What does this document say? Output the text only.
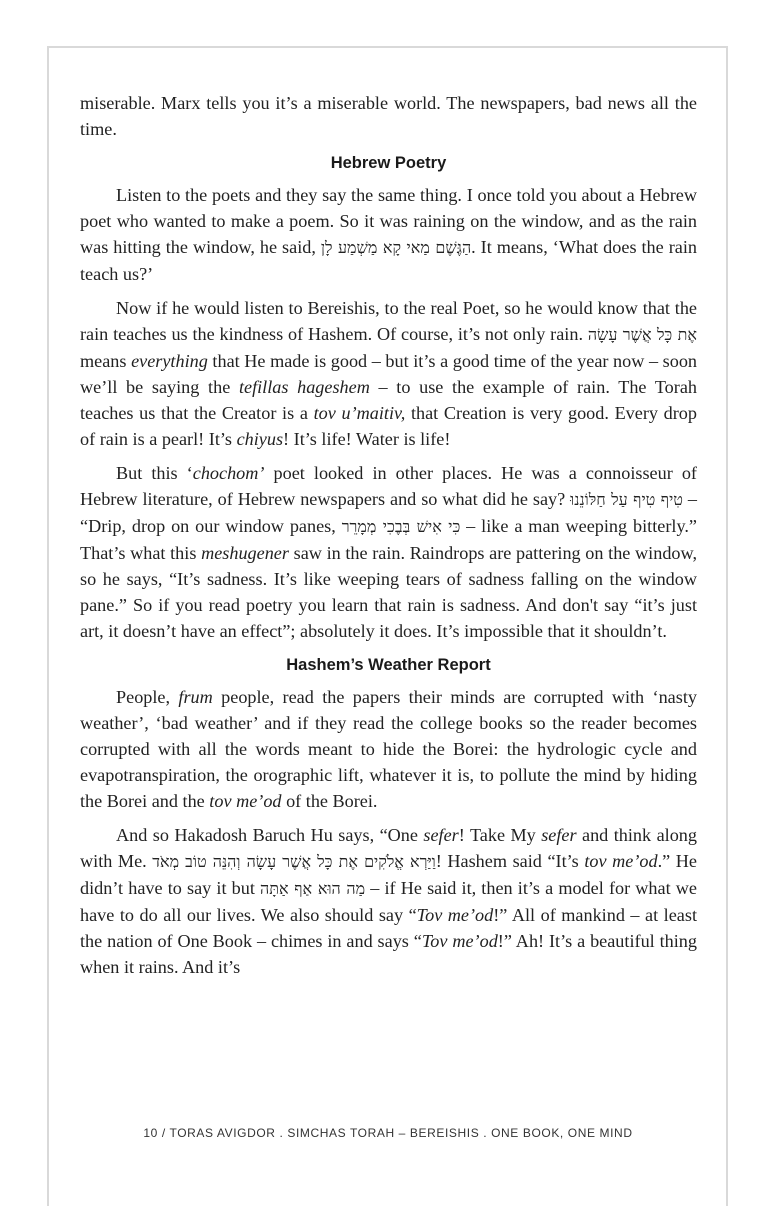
miserable. Marx tells you it’s a miserable world. The newspapers, bad news all the time.

Hebrew Poetry

Listen to the poets and they say the same thing. I once told you about a Hebrew poet who wanted to make a poem. So it was raining on the window, and as the rain was hitting the window, he said, הַגֶּשֶׁם מַאי קָא מַשְׁמַע לָן. It means, ‘What does the rain teach us?’

Now if he would listen to Bereishis, to the real Poet, so he would know that the rain teaches us the kindness of Hashem. Of course, it’s not only rain. אֶת כָּל אֲשֶׁר עָשָׂה means everything that He made is good – but it’s a good time of the year now – soon we’ll be saying the tefillas hageshem – to use the example of rain. The Torah teaches us that the Creator is a tov u’maitiv, that Creation is very good. Every drop of rain is a pearl! It’s chiyus! It’s life! Water is life!

But this ‘chochom’ poet looked in other places. He was a connoisseur of Hebrew literature, of Hebrew newspapers and so what did he say? טִיף טִיף עַל חַלּוֹנֵנוּ – “Drip, drop on our window panes, כִּי אִישׁ בְּבֶכִי מְמָרֵר – like a man weeping bitterly.” That’s what this meshugener saw in the rain. Raindrops are pattering on the window, so he says, “It’s sadness. It’s like weeping tears of sadness falling on the window pane.” So if you read poetry you learn that rain is sadness. And don't say “it’s just art, it doesn’t have an effect”; absolutely it does. It’s impossible that it shouldn’t.

Hashem’s Weather Report

People, frum people, read the papers their minds are corrupted with ‘nasty weather’, ‘bad weather’ and if they read the college books so the reader becomes corrupted with all the words meant to hide the Borei: the hydrologic cycle and evapotranspiration, the orographic lift, whatever it is, to pollute the mind by hiding the Borei and the tov me’od of the Borei.

And so Hakadosh Baruch Hu says, “One sefer! Take My sefer and think along with Me. וַיַּרְא אֱלֹקִים אֶת כָּל אֲשֶׁר עָשָׂה וְהִנֵּה טוֹב מְאֹד! Hashem said “It’s tov me’od.” He didn’t have to say it but מַה הוּא אַף אַתָּה – if He said it, then it’s a model for what we have to do all our lives. We also should say “Tov me’od!” All of mankind – at least the nation of One Book – chimes in and says “Tov me’od!” Ah! It’s a beautiful thing when it rains. And it’s

10 / TORAS AVIGDOR . SIMCHAS TORAH – BEREISHIS . ONE BOOK, ONE MIND
